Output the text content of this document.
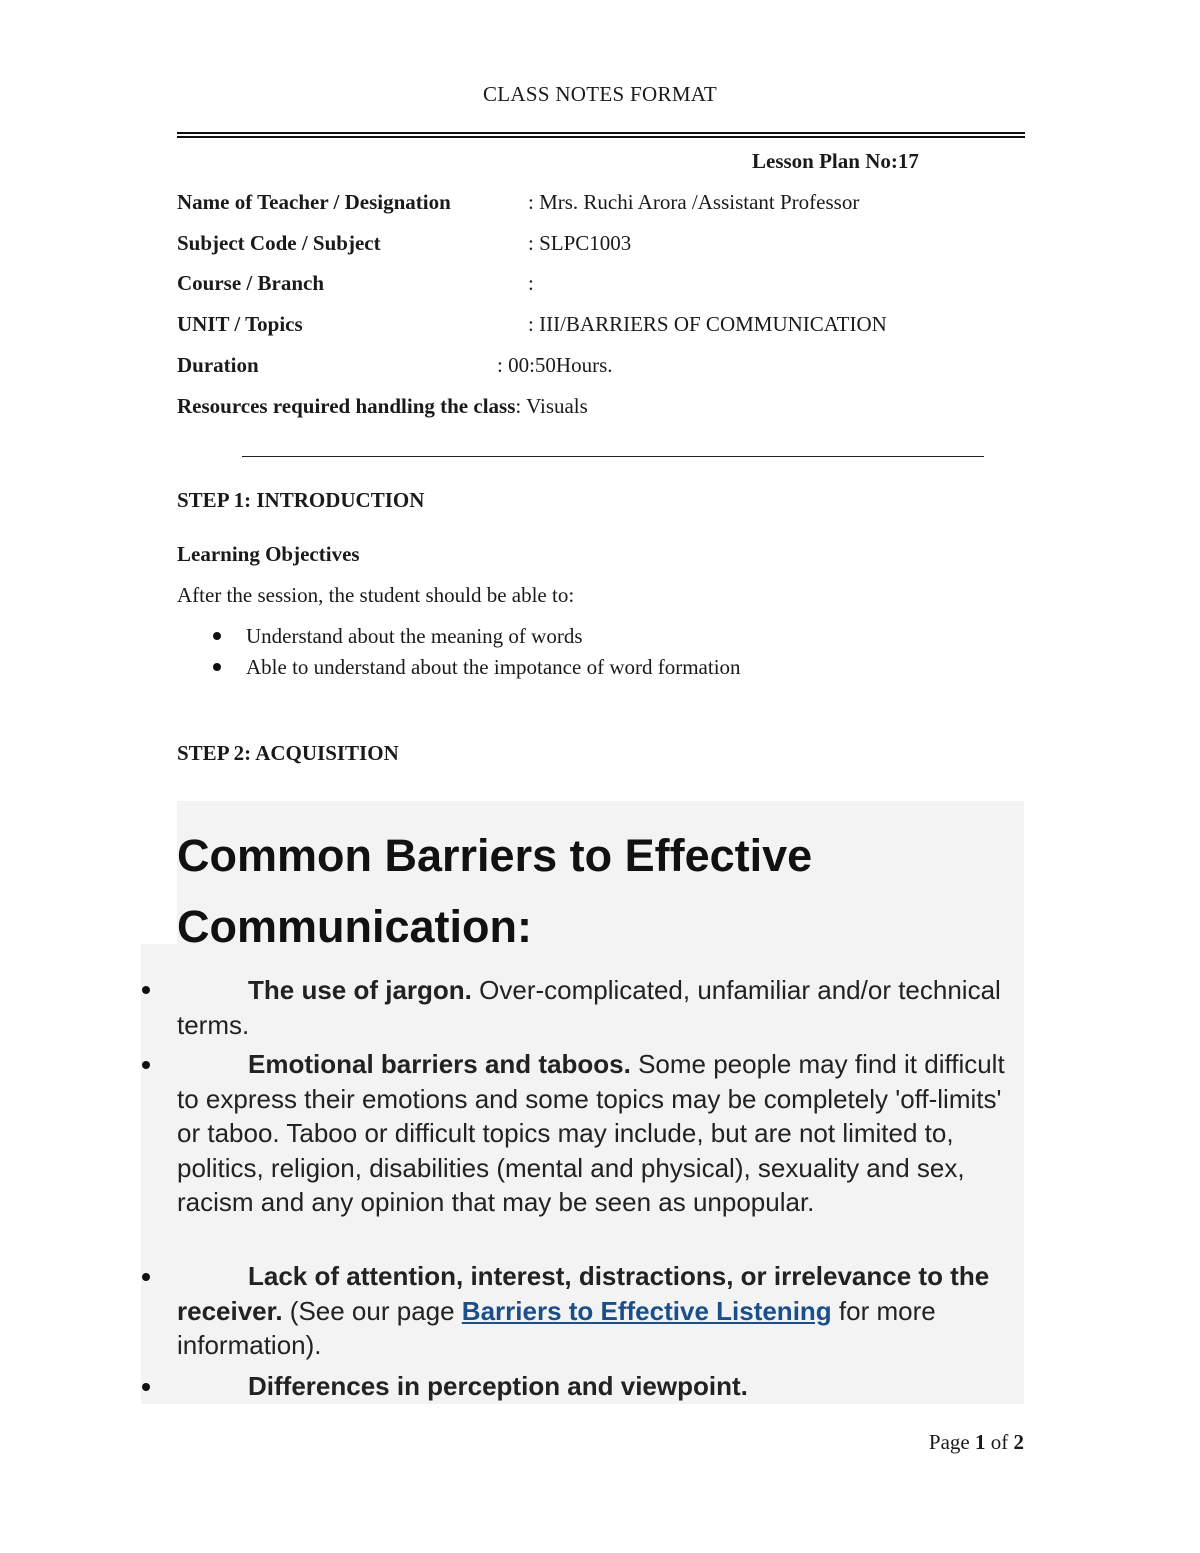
CLASS NOTES FORMAT
Lesson Plan No:17
Name of Teacher / Designation	: Mrs. Ruchi Arora /Assistant Professor
Subject Code / Subject	: SLPC1003
Course / Branch	:
UNIT / Topics	: III/BARRIERS OF COMMUNICATION
Duration	: 00:50Hours.
Resources required handling the class: Visuals
STEP 1: INTRODUCTION
Learning Objectives
After the session, the student should be able to:
Understand about the meaning of words
Able to understand about the impotance of word formation
STEP 2: ACQUISITION
Common Barriers to Effective Communication:
The use of jargon. Over-complicated, unfamiliar and/or technical terms.
Emotional barriers and taboos. Some people may find it difficult to express their emotions and some topics may be completely 'off-limits' or taboo. Taboo or difficult topics may include, but are not limited to, politics, religion, disabilities (mental and physical), sexuality and sex, racism and any opinion that may be seen as unpopular.
Lack of attention, interest, distractions, or irrelevance to the receiver. (See our page Barriers to Effective Listening for more information).
Differences in perception and viewpoint.
Page 1 of 2
